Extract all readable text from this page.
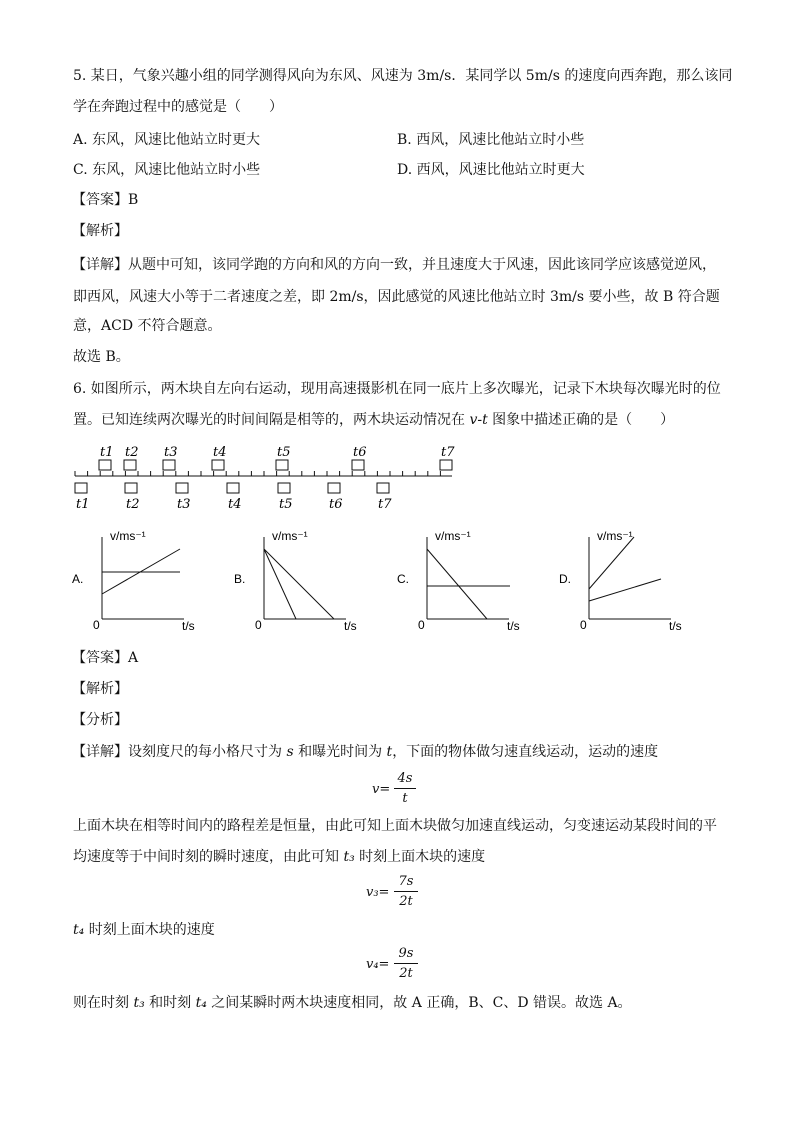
5. 某日，气象兴趣小组的同学测得风向为东风、风速为 3m/s．某同学以 5m/s 的速度向西奔跑，那么该同
学在奔跑过程中的感觉是（　　）
A. 东风，风速比他站立时更大	B. 西风，风速比他站立时小些
C. 东风，风速比他站立时小些	D. 西风，风速比他站立时更大
【答案】B
【解析】
【详解】从题中可知，该同学跑的方向和风的方向一致，并且速度大于风速，因此该同学应该感觉逆风，
即西风，风速大小等于二者速度之差，即 2m/s，因此感觉的风速比他站立时 3m/s 要小些，故 B 符合题
意，ACD 不符合题意。
故选 B。
6. 如图所示，两木块自左向右运动，现用高速摄影机在同一底片上多次曝光，记录下木块每次曝光时的位
置。已知连续两次曝光的时间间隔是相等的，两木块运动情况在 v-t 图象中描述正确的是（　　）
t1 t2 t3	t4	t5	t6	t7
t1	t2	t3	t4	t5	t6	t7
v/ms⁻¹
t/s
0
A.
v/ms⁻¹
t/s
0
B.
v/ms⁻¹
t/s
0
C.
v/ms⁻¹
t/s
0
D.
【答案】A
【解析】
【分析】
【详解】设刻度尺的每小格尺寸为 s 和曝光时间为 t，下面的物体做匀速直线运动，运动的速度
v=
4s
t
上面木块在相等时间内的路程差是恒量，由此可知上面木块做匀加速直线运动，匀变速运动某段时间的平
均速度等于中间时刻的瞬时速度，由此可知 t₃ 时刻上面木块的速度
v₃=
7s
2t
t₄ 时刻上面木块的速度
v₄=
9s
2t
则在时刻 t₃ 和时刻 t₄ 之间某瞬时两木块速度相同，故 A 正确，B、C、D 错误。故选 A。
